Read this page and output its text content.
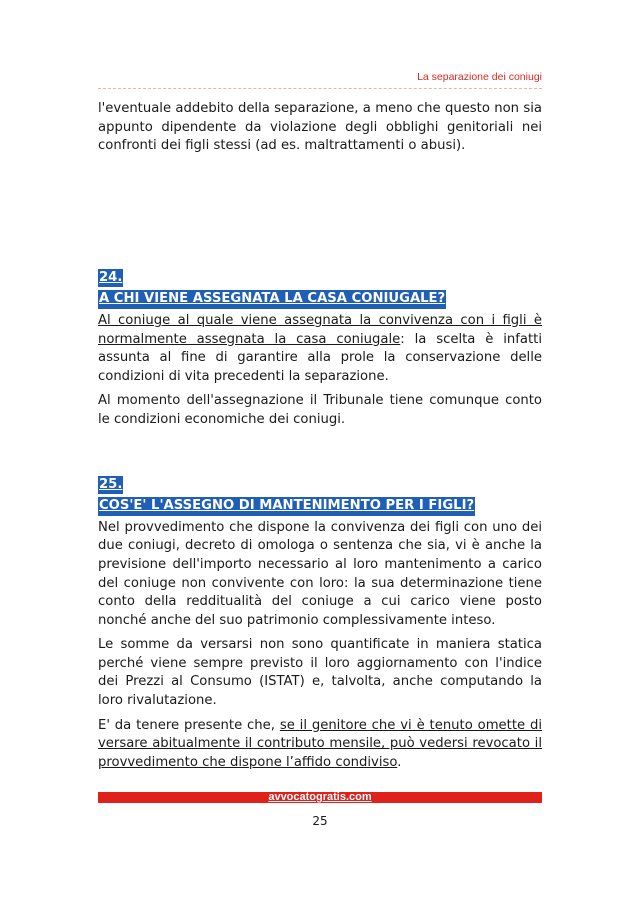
La separazione dei coniugi

l'eventuale addebito della separazione, a meno che questo non sia appunto dipendente da violazione degli obblighi genitoriali nei confronti dei figli stessi (ad es. maltrattamenti o abusi).

24.
A CHI VIENE ASSEGNATA LA CASA CONIUGALE?

Al coniuge al quale viene assegnata la convivenza con i figli è normalmente assegnata la casa coniugale: la scelta è infatti assunta al fine di garantire alla prole la conservazione delle condizioni di vita precedenti la separazione.

Al momento dell'assegnazione il Tribunale tiene comunque conto le condizioni economiche dei coniugi.

25.
COS'E' L'ASSEGNO DI MANTENIMENTO PER I FIGLI?

Nel provvedimento che dispone la convivenza dei figli con uno dei due coniugi, decreto di omologa o sentenza che sia, vi è anche la previsione dell'importo necessario al loro mantenimento a carico del coniuge non convivente con loro: la sua determinazione tiene conto della redditualità del coniuge a cui carico viene posto nonché anche del suo patrimonio complessivamente inteso.

Le somme da versarsi non sono quantificate in maniera statica perché viene sempre previsto il loro aggiornamento con l'indice dei Prezzi al Consumo (ISTAT) e, talvolta, anche computando la loro rivalutazione.

E' da tenere presente che, se il genitore che vi è tenuto omette di versare abitualmente il contributo mensile, può vedersi revocato il provvedimento che dispone l’affido condiviso.

avvocatogratis.com
25
